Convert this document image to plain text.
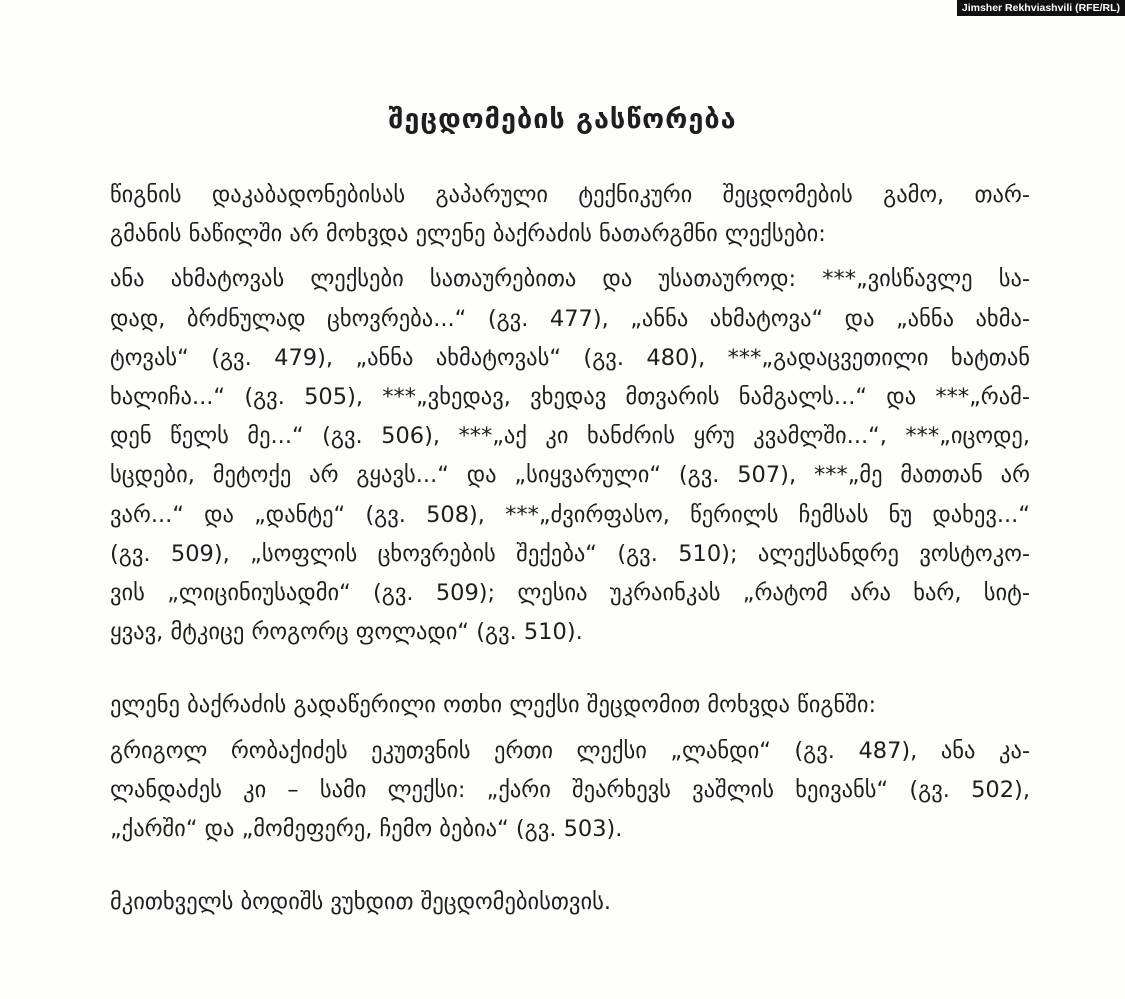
Jimsher Rekhviashvili (RFE/RL)
შეცდომების გასწორება
წიგნის დაკაბადონებისას გაპარული ტექნიკური შეცდომების გამო, თარ-
გმანის ნაწილში არ მოხვდა ელენე ბაქრაძის ნათარგმნი ლექსები:
ანა ახმატოვას ლექსები სათაურებითა და უსათაუროდ: ***„ვისწავლე სა-
დად, ბრძნულად ცხოვრება...“ (გვ. 477), „ანნა ახმატოვა“ და „ანნა ახმა-
ტოვას“ (გვ. 479), „ანნა ახმატოვას“ (გვ. 480), ***„გადაცვეთილი ხატთან
ხალიჩა...“ (გვ. 505), ***„ვხედავ, ვხედავ მთვარის ნამგალს...“ და ***„რამ-
დენ წელს მე...“ (გვ. 506), ***„აქ კი ხანძრის ყრუ კვამლში...“, ***„იცოდე,
სცდები, მეტოქე არ გყავს...“ და „სიყვარული“ (გვ. 507), ***„მე მათთან არ
ვარ...“ და „დანტე“ (გვ. 508), ***„ძვირფასო, წერილს ჩემსას ნუ დახევ...“
(გვ. 509), „სოფლის ცხოვრების შექება“ (გვ. 510); ალექსანდრე ვოსტოკო-
ვის „ლიცინიუსადმი“ (გვ. 509); ლესია უკრაინკას „რატომ არა ხარ, სიტ-
ყვავ, მტკიცე როგორც ფოლადი“ (გვ. 510).
ელენე ბაქრაძის გადაწერილი ოთხი ლექსი შეცდომით მოხვდა წიგნში:
გრიგოლ რობაქიძეს ეკუთვნის ერთი ლექსი „ლანდი“ (გვ. 487), ანა კა-
ლანდაძეს კი – სამი ლექსი: „ქარი შეარხევს ვაშლის ხეივანს“ (გვ. 502),
„ქარში“ და „მომეფერე, ჩემო ბებია“ (გვ. 503).
მკითხველს ბოდიშს ვუხდით შეცდომებისთვის.
